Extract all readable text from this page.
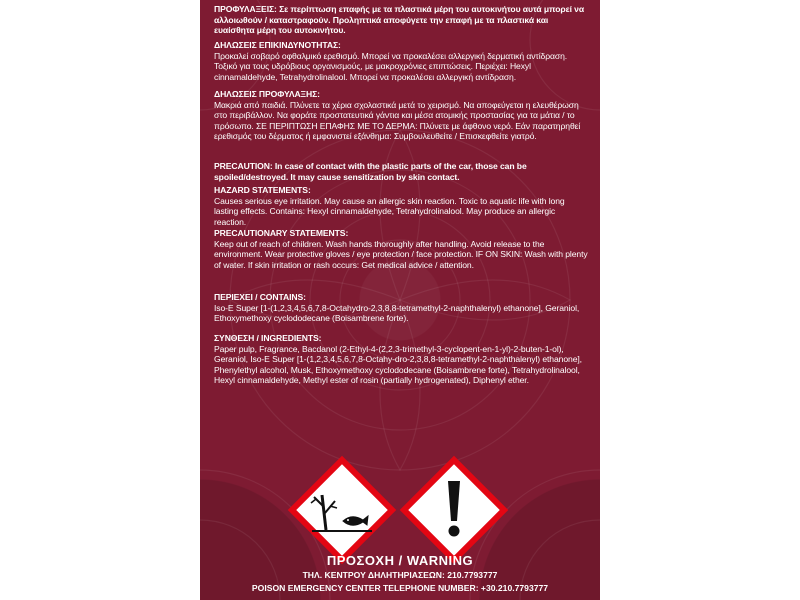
ΠΡΟΦΥΛΑΞΕΙΣ: Σε περίπτωση επαφής με τα πλαστικά μέρη του αυτοκινήτου αυτά μπορεί να αλλοιωθούν / καταστραφούν. Προληπτικά αποφύγετε την επαφή με τα πλαστικά και ευαίσθητα μέρη του αυτοκινήτου.

ΔΗΛΩΣΕΙΣ ΕΠΙΚΙΝΔΥΝΟΤΗΤΑΣ:

Προκαλεί σοβαρό οφθαλμικό ερεθισμό. Μπορεί να προκαλέσει αλλεργική δερματική αντίδραση. Τοξικό για τους υδρόβιους οργανισμούς, με μακροχρόνιες επιπτώσεις. Περιέχει: Hexyl cinnamaldehyde, Tetrahydrolinalool. Μπορεί να προκαλέσει αλλεργική αντίδραση.

ΔΗΛΩΣΕΙΣ ΠΡΟΦΥΛΑΞΗΣ:

Μακριά από παιδιά. Πλύνετε τα χέρια σχολαστικά μετά το χειρισμό. Να αποφεύγεται η ελευθέρωση στο περιβάλλον. Να φοράτε προστατευτικά γάντια και μέσα ατομικής προστασίας για τα μάτια / το πρόσωπο. ΣΕ ΠΕΡΙΠΤΩΣΗ ΕΠΑΦΗΣ ΜΕ ΤΟ ΔΕΡΜΑ: Πλύνετε με άφθονο νερό. Εάν παρατηρηθεί ερεθισμός του δέρματος ή εμφανιστεί εξάνθημα: Συμβουλευθείτε / Επισκεφθείτε γιατρό.

PRECAUTION: In case of contact with the plastic parts of the car, those can be spoiled/destroyed. It may cause sensitization by skin contact.

HAZARD STATEMENTS:

Causes serious eye irritation. May cause an allergic skin reaction. Toxic to aquatic life with long lasting effects. Contains: Hexyl cinnamaldehyde, Tetrahydrolinalool. May produce an allergic reaction.

PRECAUTIONARY STATEMENTS:

Keep out of reach of children. Wash hands thoroughly after handling. Avoid release to the environment. Wear protective gloves / eye protection / face protection. IF ON SKIN: Wash with plenty of water. If skin irritation or rash occurs: Get medical advice / attention.

ΠΕΡΙΕΧΕΙ / CONTAINS:

Iso-E Super [1-(1,2,3,4,5,6,7,8-Octahydro-2,3,8,8-tetramethyl-2-naphthalenyl) ethanone], Geraniol, Ethoxymethoxy cyclododecane (Boisambrene forte).

ΣΥΝΘΕΣΗ / INGREDIENTS:

Paper pulp, Fragrance, Bacdanol (2-Ethyl-4-(2,2,3-trimethyl-3-cyclopent-en-1-yl)-2-buten-1-ol), Geraniol, Iso-E Super [1-(1,2,3,4,5,6,7,8-Octahy-dro-2,3,8,8-tetramethyl-2-naphthalenyl) ethanone], Phenylethyl alcohol, Musk, Ethoxymethoxy cyclododecane (Boisambrene forte), Tetrahydrolinalool, Hexyl cinnamaldehyde, Methyl ester of rosin (partially hydrogenated), Diphenyl ether.

ΠΡΟΣΟΧΗ / WARNING
ΤΗΛ. ΚΕΝΤΡΟΥ ΔΗΛΗΤΗΡΙΑΣΕΩΝ: 210.7793777
POISON EMERGENCY CENTER TELEPHONE NUMBER: +30.210.7793777
